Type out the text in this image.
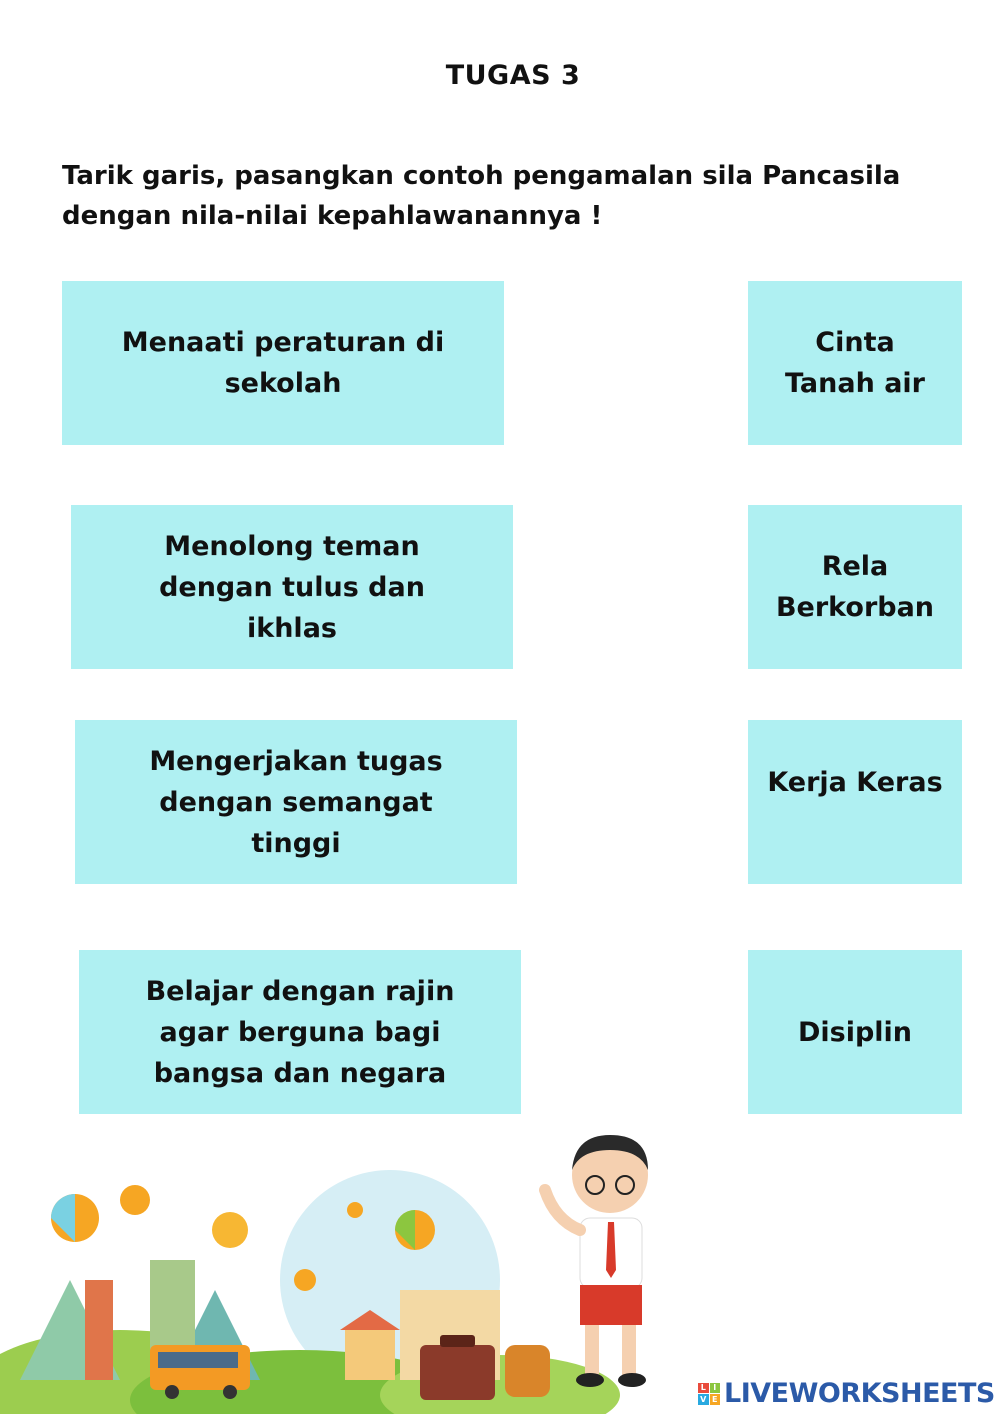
TUGAS 3
Tarik garis, pasangkan contoh pengamalan sila Pancasila dengan nila-nilai kepahlawanannya !
Menaati peraturan di
sekolah
Menolong teman
dengan tulus dan
ikhlas
Mengerjakan tugas
dengan semangat
tinggi
Belajar dengan rajin
agar berguna bagi
bangsa dan negara
Cinta
Tanah air
Rela
Berkorban
Kerja Keras
Disiplin
L I
V E LIVEWORKSHEETS
